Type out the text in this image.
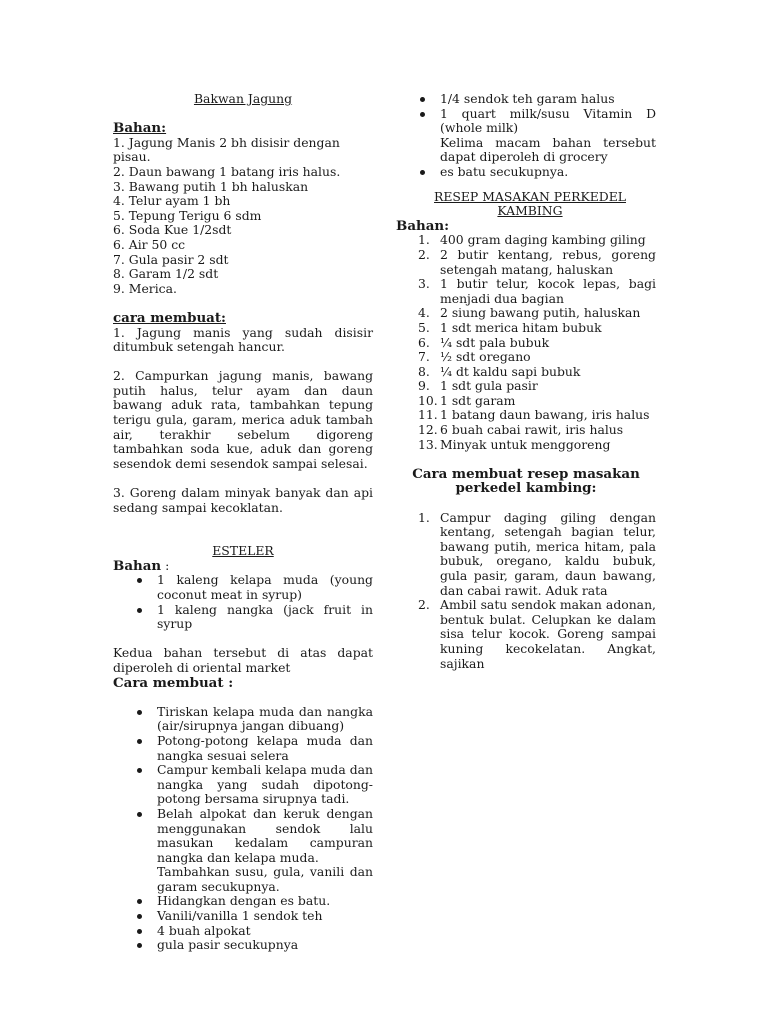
Bakwan Jagung

Bahan:

1. Jagung Manis 2 bh disisir dengan pisau.

2. Daun bawang 1 batang iris halus.

3. Bawang putih 1 bh haluskan

4. Telur ayam 1 bh

5. Tepung Terigu 6 sdm

6. Soda Kue 1/2sdt

6. Air 50 cc

7. Gula pasir 2 sdt

8. Garam 1/2 sdt

9. Merica.

cara membuat:

1. Jagung manis yang sudah disisir ditumbuk setengah hancur.

2. Campurkan jagung manis, bawang putih halus, telur ayam dan daun bawang aduk rata, tambahkan tepung terigu gula, garam, merica aduk tambah air, terakhir sebelum digoreng tambahkan soda kue, aduk dan goreng sesendok demi sesendok sampai selesai.

3. Goreng dalam minyak banyak dan api sedang sampai kecoklatan.

ESTELER

Bahan :

1 kaleng kelapa muda (young coconut meat in syrup)
1 kaleng nangka (jack fruit in syrup

Kedua bahan tersebut di atas dapat diperoleh di oriental market

Cara membuat :

Tiriskan kelapa muda dan nangka (air/sirupnya jangan dibuang)
Potong-potong kelapa muda dan nangka sesuai selera
Campur kembali kelapa muda dan nangka yang sudah dipotong-potong bersama sirupnya tadi.
Belah alpokat dan keruk dengan menggunakan sendok lalu masukan kedalam campuran nangka dan kelapa muda.
Tambahkan susu, gula, vanili dan garam secukupnya.
Hidangkan dengan es batu.
Vanili/vanilla 1 sendok teh
4 buah alpokat
gula pasir secukupnya
1/4 sendok teh garam halus
1 quart milk/susu Vitamin D (whole milk)
Kelima macam bahan tersebut dapat diperoleh di grocery
es batu secukupnya.

RESEP MASAKAN PERKEDEL KAMBING

Bahan:

1. 400 gram daging kambing giling
2. 2 butir kentang, rebus, goreng setengah matang, haluskan
3. 1 butir telur, kocok lepas, bagi menjadi dua bagian
4. 2 siung bawang putih, haluskan
5. 1 sdt merica hitam bubuk
6. ¼ sdt pala bubuk
7. ½ sdt oregano
8. ¼ dt kaldu sapi bubuk
9. 1 sdt gula pasir
10. 1 sdt garam
11. 1 batang daun bawang, iris halus
12. 6 buah cabai rawit, iris halus
13. Minyak untuk menggoreng

Cara membuat resep masakan perkedel kambing:

1. Campur daging giling dengan kentang, setengah bagian telur, bawang putih, merica hitam, pala bubuk, oregano, kaldu bubuk, gula pasir, garam, daun bawang, dan cabai rawit. Aduk rata
2. Ambil satu sendok makan adonan, bentuk bulat. Celupkan ke dalam sisa telur kocok. Goreng sampai kuning kecokelatan. Angkat, sajikan
